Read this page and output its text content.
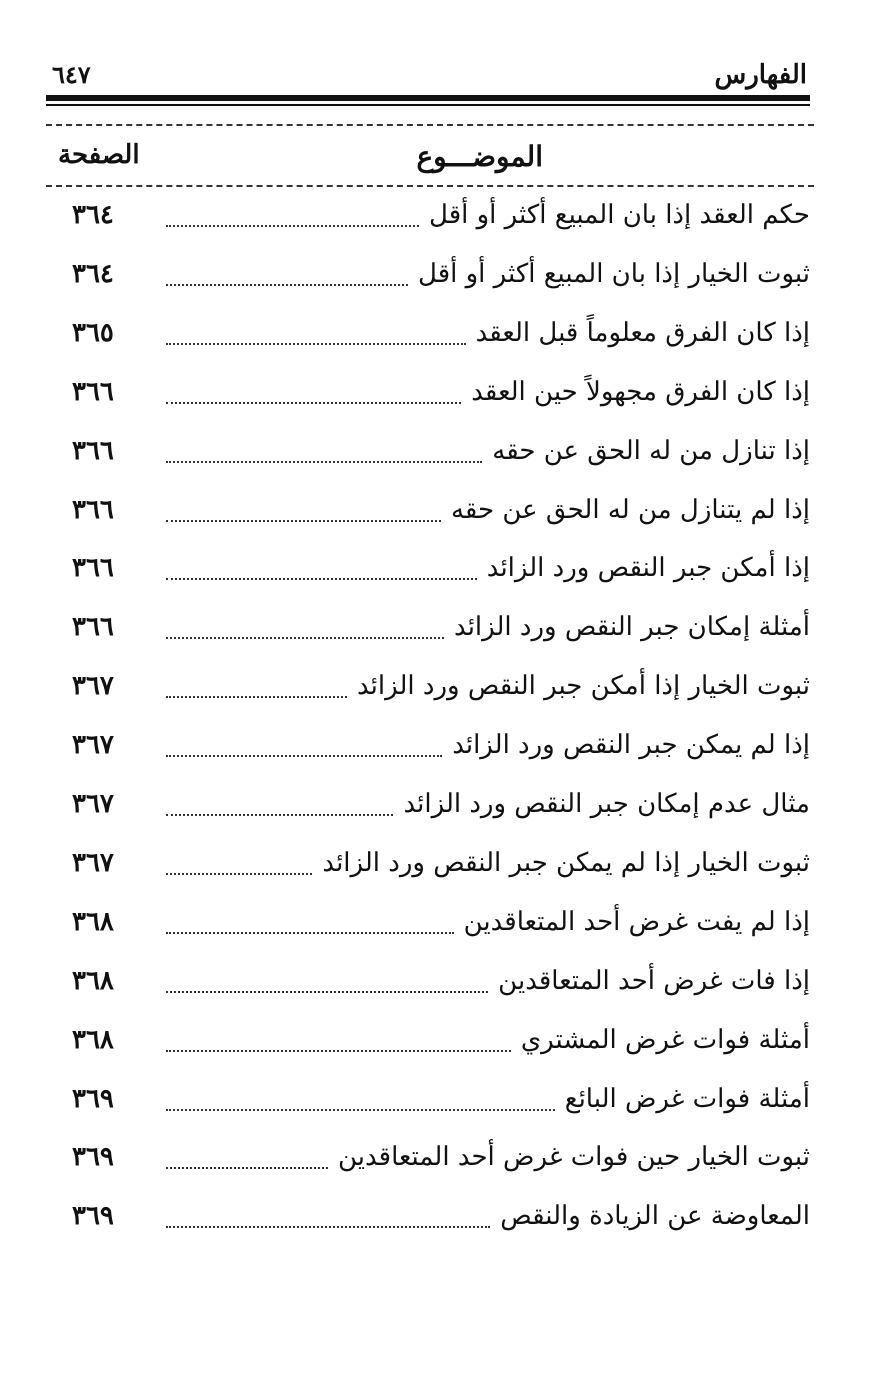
الفهارس
٦٤٧
الموضـــوع
الصفحة
حكم العقد إذا بان المبيع أكثر أو أقل
٣٦٤
ثبوت الخيار إذا بان المبيع أكثر أو أقل
٣٦٤
إذا كان الفرق معلوماً قبل العقد
٣٦٥
إذا كان الفرق مجهولاً حين العقد
٣٦٦
إذا تنازل من له الحق عن حقه
٣٦٦
إذا لم يتنازل من له الحق عن حقه
٣٦٦
إذا أمكن جبر النقص ورد الزائد
٣٦٦
أمثلة إمكان جبر النقص ورد الزائد
٣٦٦
ثبوت الخيار إذا أمكن جبر النقص ورد الزائد
٣٦٧
إذا لم يمكن جبر النقص ورد الزائد
٣٦٧
مثال عدم إمكان جبر النقص ورد الزائد
٣٦٧
ثبوت الخيار إذا لم يمكن جبر النقص ورد الزائد
٣٦٧
إذا لم يفت غرض أحد المتعاقدين
٣٦٨
إذا فات غرض أحد المتعاقدين
٣٦٨
أمثلة فوات غرض المشتري
٣٦٨
أمثلة فوات غرض البائع
٣٦٩
ثبوت الخيار حين فوات غرض أحد المتعاقدين
٣٦٩
المعاوضة عن الزيادة والنقص
٣٦٩
